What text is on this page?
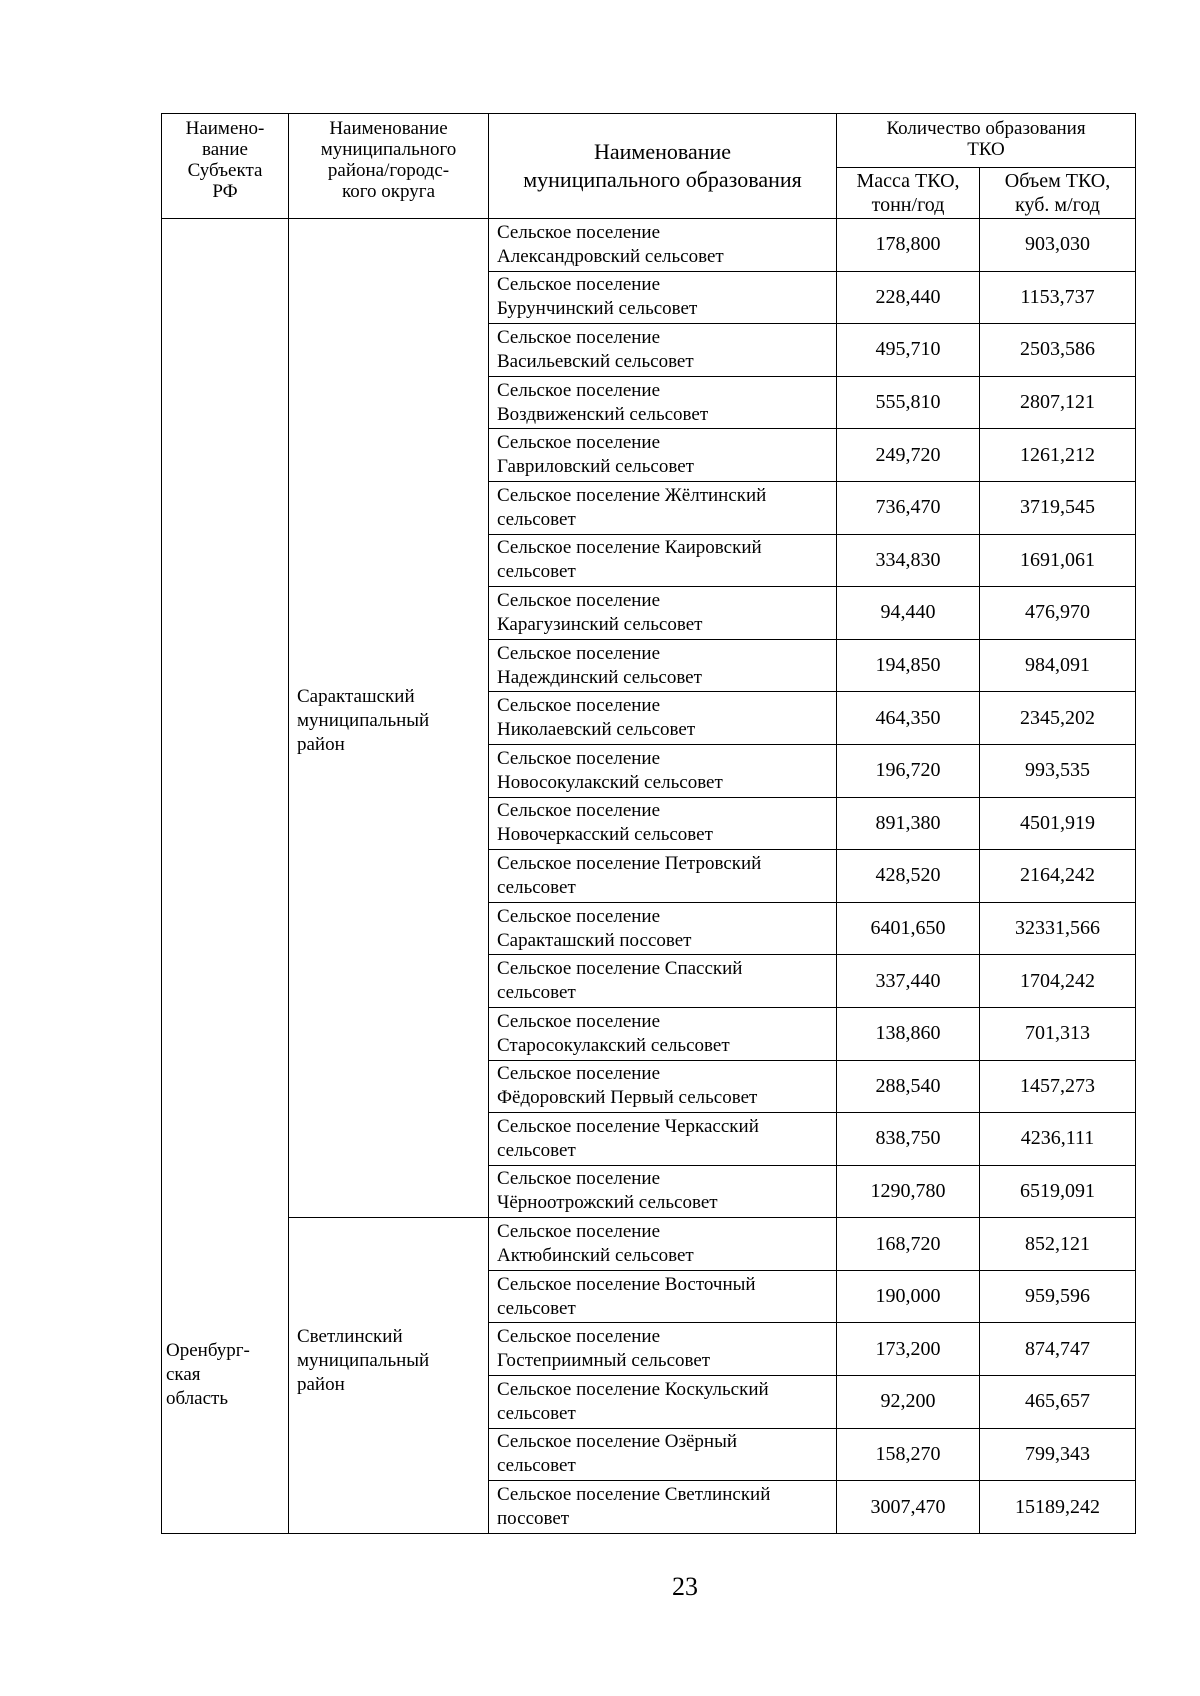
Наимено-
вание
Субъекта
РФ	Наименование
муниципального
района/городс-
кого округа	Наименование
муниципального образования	Количество образования
ТКО	
			Масса ТКО,
тонн/год	Объем ТКО,
куб. м/год

Оренбург-
ская
область	Саракташский
муниципальный
район	Сельское поселение
Александровский сельсовет	178,800	903,030
		Сельское поселение
Бурунчинский сельсовет	228,440	1153,737
		Сельское поселение
Васильевский сельсовет	495,710	2503,586
		Сельское поселение
Воздвиженский сельсовет	555,810	2807,121
		Сельское поселение
Гавриловский сельсовет	249,720	1261,212
		Сельское поселение Жёлтинский
сельсовет	736,470	3719,545
		Сельское поселение Каировский
сельсовет	334,830	1691,061
		Сельское поселение
Карагузинский сельсовет	94,440	476,970
		Сельское поселение
Надеждинский сельсовет	194,850	984,091
		Сельское поселение
Николаевский сельсовет	464,350	2345,202
		Сельское поселение
Новосокулакский сельсовет	196,720	993,535
		Сельское поселение
Новочеркасский сельсовет	891,380	4501,919
		Сельское поселение Петровский
сельсовет	428,520	2164,242
		Сельское поселение
Саракташский поссовет	6401,650	32331,566
		Сельское поселение Спасский
сельсовет	337,440	1704,242
		Сельское поселение
Старосокулакский сельсовет	138,860	701,313
		Сельское поселение
Фёдоровский Первый сельсовет	288,540	1457,273
		Сельское поселение Черкасский
сельсовет	838,750	4236,111
		Сельское поселение
Чёрноотрожский сельсовет	1290,780	6519,091

	Светлинский
муниципальный
район	Сельское поселение
Актюбинский сельсовет	168,720	852,121
		Сельское поселение Восточный
сельсовет	190,000	959,596
		Сельское поселение
Гостеприимный сельсовет	173,200	874,747
		Сельское поселение Коскульский
сельсовет	92,200	465,657
		Сельское поселение Озёрный
сельсовет	158,270	799,343
		Сельское поселение Светлинский
поссовет	3007,470	15189,242
23
